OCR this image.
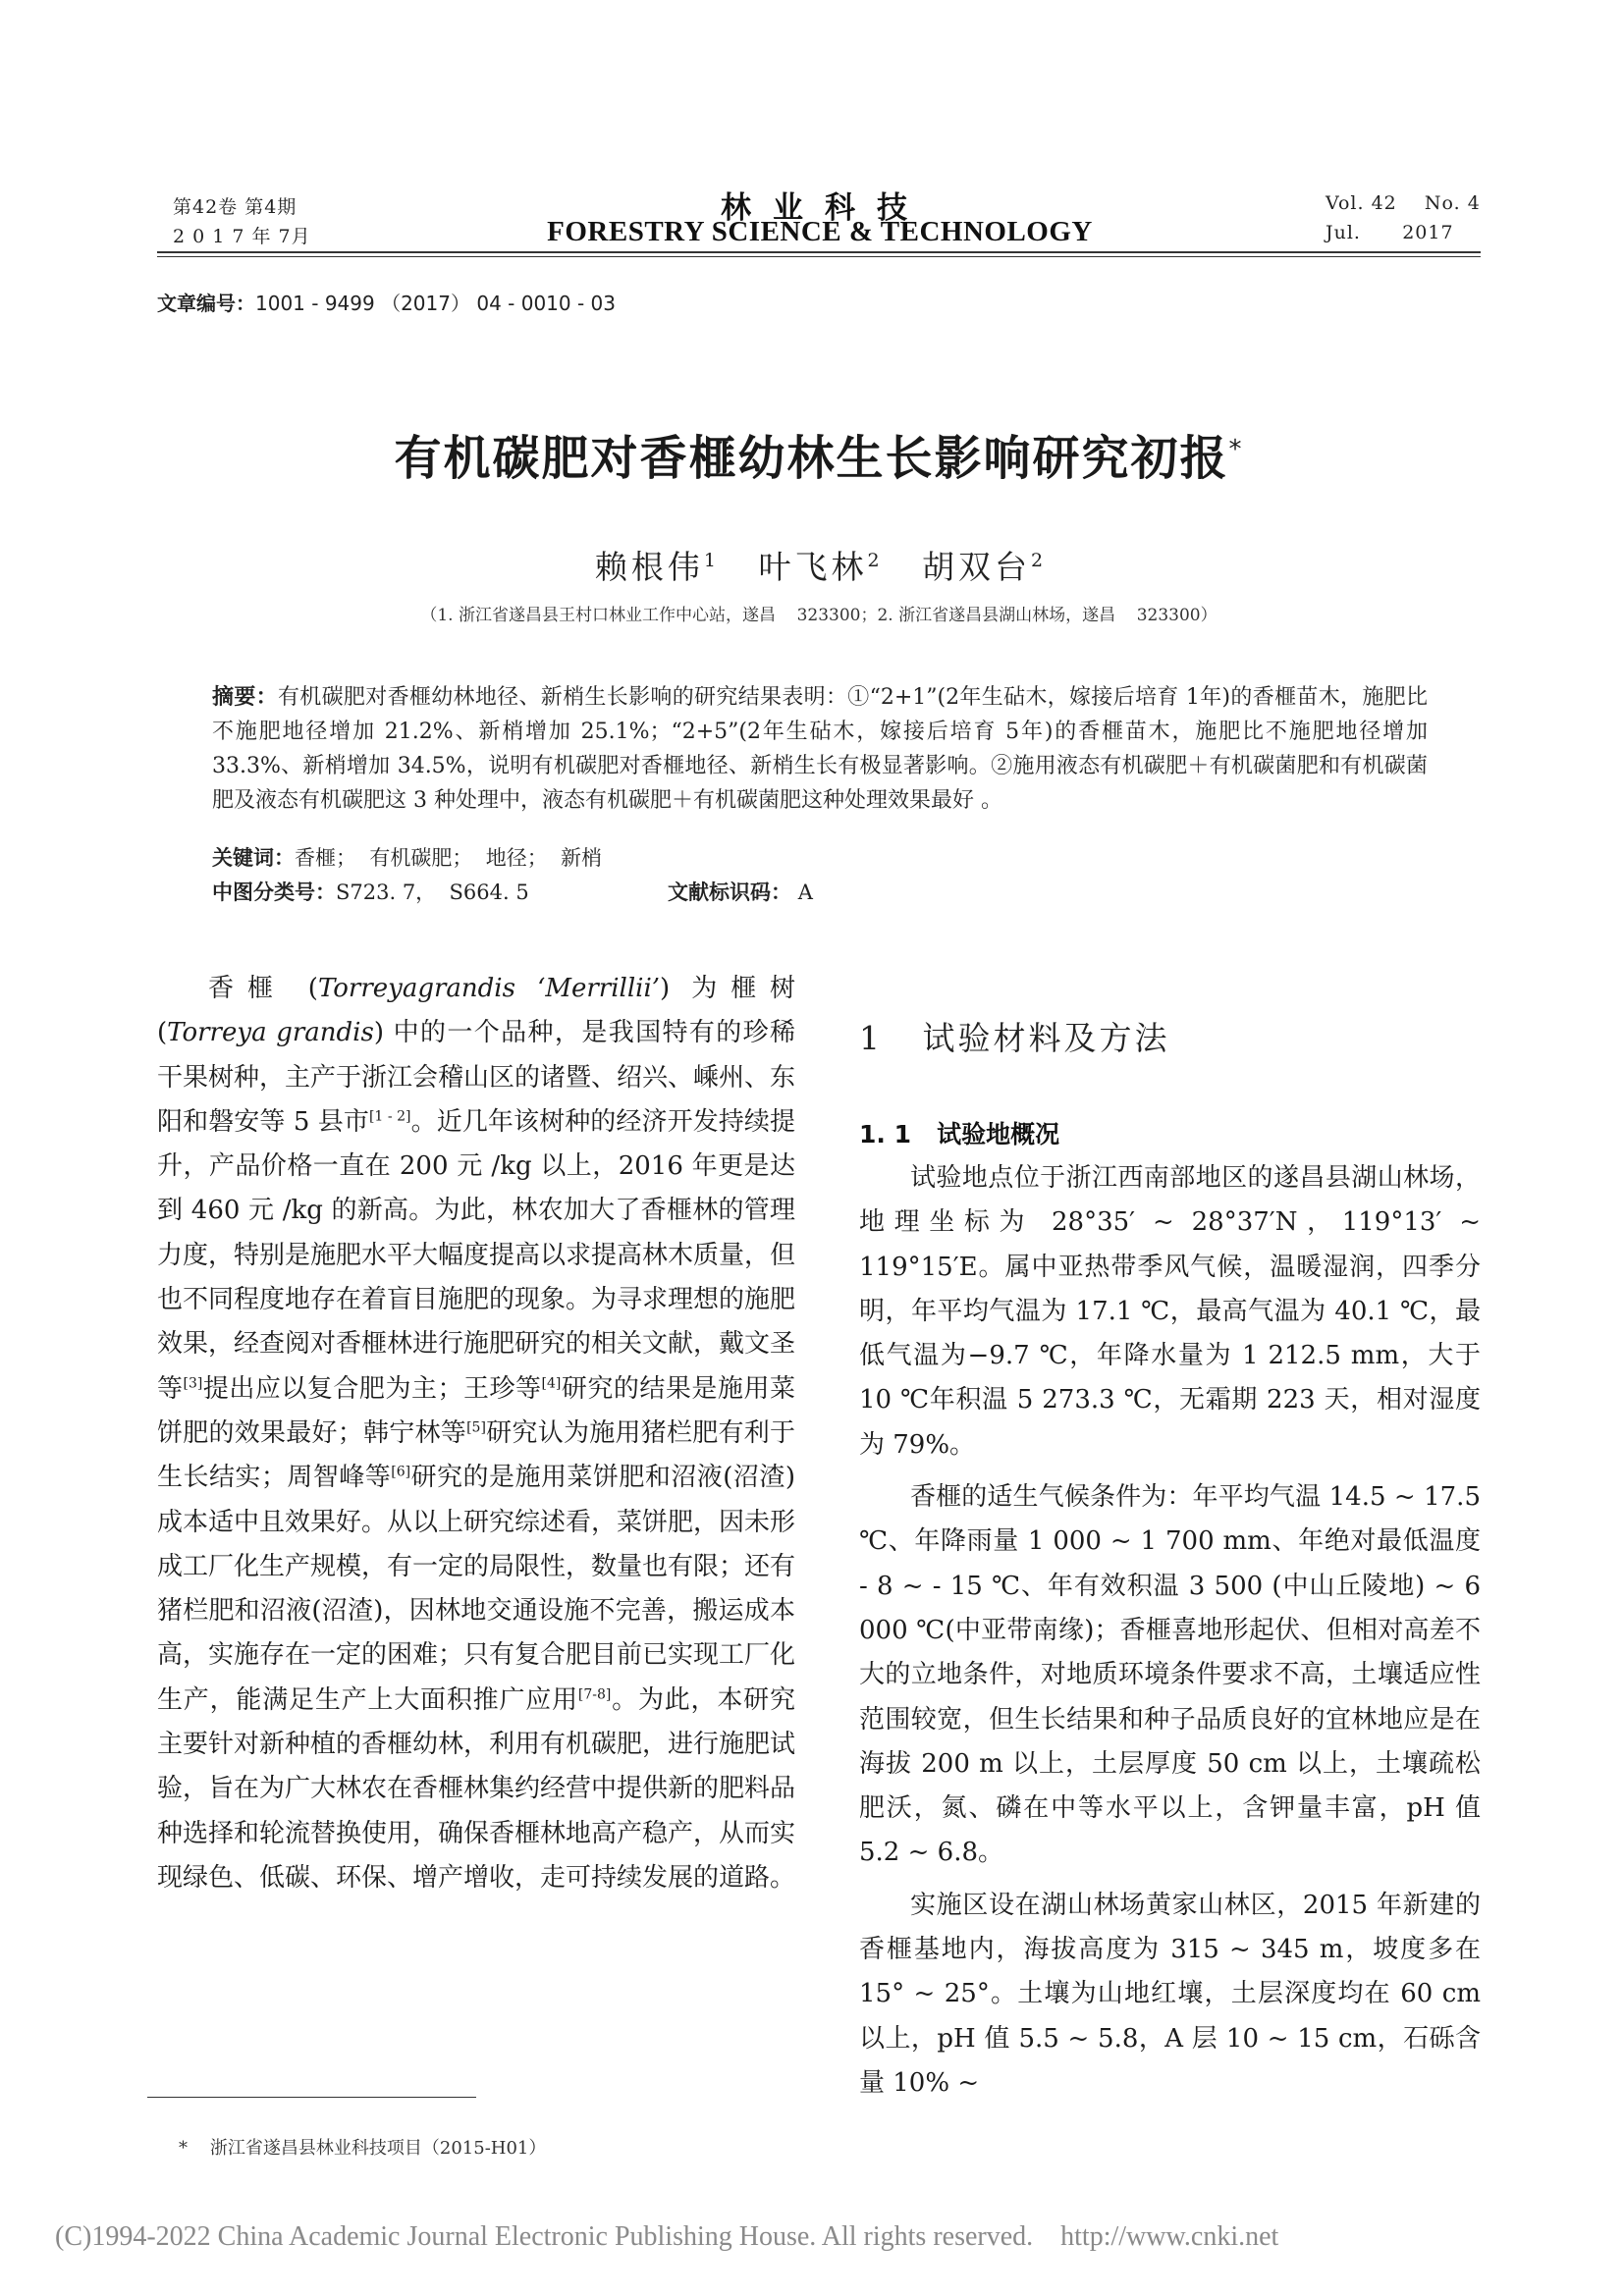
第42卷 第4期
2 0 1 7 年 7月
林业科技
FORESTRY SCIENCE & TECHNOLOGY
Vol. 42    No. 4
Jul.      2017
文章编号：1001 - 9499 （2017） 04 - 0010 - 03
有机碳肥对香榧幼林生长影响研究初报*
赖根伟$^1$ 叶飞林$^2$ 胡双台$^2$
（1. 浙江省遂昌县王村口林业工作中心站，遂昌    323300；2. 浙江省遂昌县湖山林场，遂昌    323300）
摘要：有机碳肥对香榧幼林地径、新梢生长影响的研究结果表明：①“2+1”(2年生砧木，嫁接后培育 1年)的香榧苗木，施肥比不施肥地径增加 21.2%、新梢增加 25.1%；“2+5”(2年生砧木，嫁接后培育 5年)的香榧苗木，施肥比不施肥地径增加 33.3%、新梢增加 34.5%，说明有机碳肥对香榧地径、新梢生长有极显著影响。②施用液态有机碳肥＋有机碳菌肥和有机碳菌肥及液态有机碳肥这 3 种处理中，液态有机碳肥＋有机碳菌肥这种处理效果最好 。
关键词：香榧；  有机碳肥；  地径；  新梢
中图分类号：S723. 7，  S664. 5	文献标识码： A

香榧 (Torreyagrandis ‘Merrillii’) 为榧树 (Torreya grandis) 中的一个品种，是我国特有的珍稀干果树种，主产于浙江会稽山区的诸暨、绍兴、嵊州、东阳和磐安等 5 县市[1 - 2]。近几年该树种的经济开发持续提升，产品价格一直在 200 元 /kg 以上，2016 年更是达到 460 元 /kg 的新高。为此，林农加大了香榧林的管理力度，特别是施肥水平大幅度提高以求提高林木质量，但也不同程度地存在着盲目施肥的现象。为寻求理想的施肥效果，经查阅对香榧林进行施肥研究的相关文献，戴文圣等[3]提出应以复合肥为主；王珍等[4]研究的结果是施用菜饼肥的效果最好；韩宁林等[5]研究认为施用猪栏肥有利于生长结实；周智峰等[6]研究的是施用菜饼肥和沼液(沼渣) 成本适中且效果好。从以上研究综述看，菜饼肥，因未形成工厂化生产规模，有一定的局限性，数量也有限；还有猪栏肥和沼液(沼渣)，因林地交通设施不完善，搬运成本高，实施存在一定的困难；只有复合肥目前已实现工厂化生产，能满足生产上大面积推广应用[7-8]。为此，本研究主要针对新种植的香榧幼林，利用有机碳肥，进行施肥试验，旨在为广大林农在香榧林集约经营中提供新的肥料品种选择和轮流替换使用，确保香榧林地高产稳产，从而实现绿色、低碳、环保、增产增收，走可持续发展的道路。

1   试验材料及方法
1. 1   试验地概况

试验地点位于浙江西南部地区的遂昌县湖山林场，地理坐标为 28°35′ ~ 28°37′N，119°13′ ~ 119°15′E。属中亚热带季风气候，温暖湿润，四季分明，年平均气温为 17.1 ℃，最高气温为 40.1 ℃，最低气温为−9.7 ℃，年降水量为 1 212.5 mm，大于 10 ℃年积温 5 273.3 ℃，无霜期 223 天，相对湿度为 79%。

香榧的适生气候条件为：年平均气温 14.5 ~ 17.5 ℃、年降雨量 1 000 ~ 1 700 mm、年绝对最低温度 - 8 ~ - 15 ℃、年有效积温 3 500 (中山丘陵地) ~ 6 000 ℃(中亚带南缘)；香榧喜地形起伏、但相对高差不大的立地条件，对地质环境条件要求不高，土壤适应性范围较宽，但生长结果和种子品质良好的宜林地应是在海拔 200 m 以上，土层厚度 50 cm 以上，土壤疏松肥沃，氮、磷在中等水平以上，含钾量丰富，pH 值 5.2 ~ 6.8。

实施区设在湖山林场黄家山林区，2015 年新建的香榧基地内，海拔高度为 315 ~ 345 m，坡度多在 15° ~ 25°。土壤为山地红壤，土层深度均在 60 cm 以上，pH 值 5.5 ~ 5.8，A 层 10 ~ 15 cm，石砾含量 10% ~

*    浙江省遂昌县林业科技项目（2015-H01）
(C)1994-2022 China Academic Journal Electronic Publishing House. All rights reserved.    http://www.cnki.net
